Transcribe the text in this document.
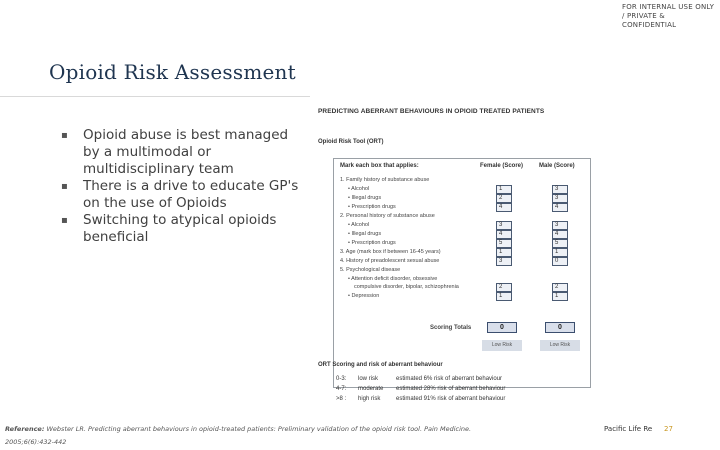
FOR INTERNAL USE ONLY / PRIVATE & CONFIDENTIAL
Opioid Risk Assessment
▪ Opioid abuse is best managed by a multimodal or multidisciplinary team
▪ There is a drive to educate GP's on the use of Opioids
▪ Switching to atypical opioids beneficial
PREDICTING ABERRANT BEHAVIOURS IN OPIOID TREATED PATIENTS
Opioid Risk Tool (ORT)
Mark each box that applies:	Female (Score)	Male (Score)
1. Family history of substance abuse
• Alcohol	1	3
• Illegal drugs	2	3
• Prescription drugs	4	4
2. Personal history of substance abuse
• Alcohol	3	3
• Illegal drugs	4	4
• Prescription drugs	5	5
3. Age (mark box if between 16-45 years)	1	1
4. History of preadolescent sexual abuse	3	0
5. Psychological disease
• Attention deficit disorder, obsessive
compulsive disorder, bipolar, schizophrenia	2	2
• Depression	1	1
Scoring Totals	0	0
Low Risk	Low Risk
ORT Scoring and risk of aberrant behaviour
0-3: low risk	estimated 6% risk of aberrant behaviour
4-7: moderate estimated 28% risk of aberrant behaviour
>8 : high risk	estimated 91% risk of aberrant behaviour
Reference: Webster LR. Predicting aberrant behaviours in opioid-treated patients: Preliminary validation of the opioid risk tool. Pain Medicine. 2005;6(6):432-442
Pacific Life Re 27
